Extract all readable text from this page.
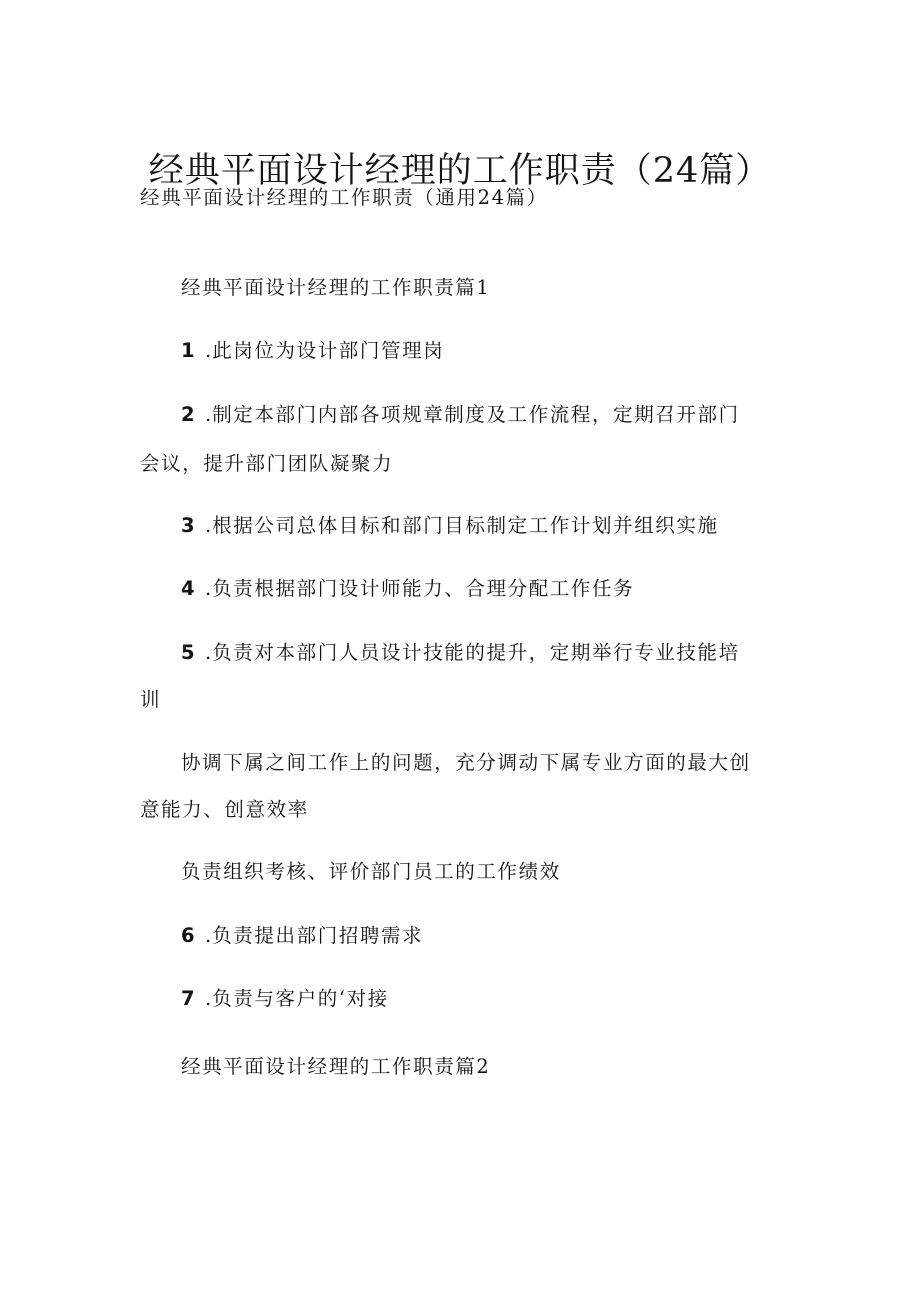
经典平面设计经理的工作职责（24篇）

经典平面设计经理的工作职责（通用24篇）

经典平面设计经理的工作职责篇1

1 .此岗位为设计部门管理岗

2 .制定本部门内部各项规章制度及工作流程，定期召开部门

会议，提升部门团队凝聚力

3 .根据公司总体目标和部门目标制定工作计划并组织实施

4 .负责根据部门设计师能力、合理分配工作任务

5 .负责对本部门人员设计技能的提升，定期举行专业技能培

训

协调下属之间工作上的问题，充分调动下属专业方面的最大创

意能力、创意效率

负责组织考核、评价部门员工的工作绩效

6 .负责提出部门招聘需求

7 .负责与客户的‘对接

经典平面设计经理的工作职责篇2
